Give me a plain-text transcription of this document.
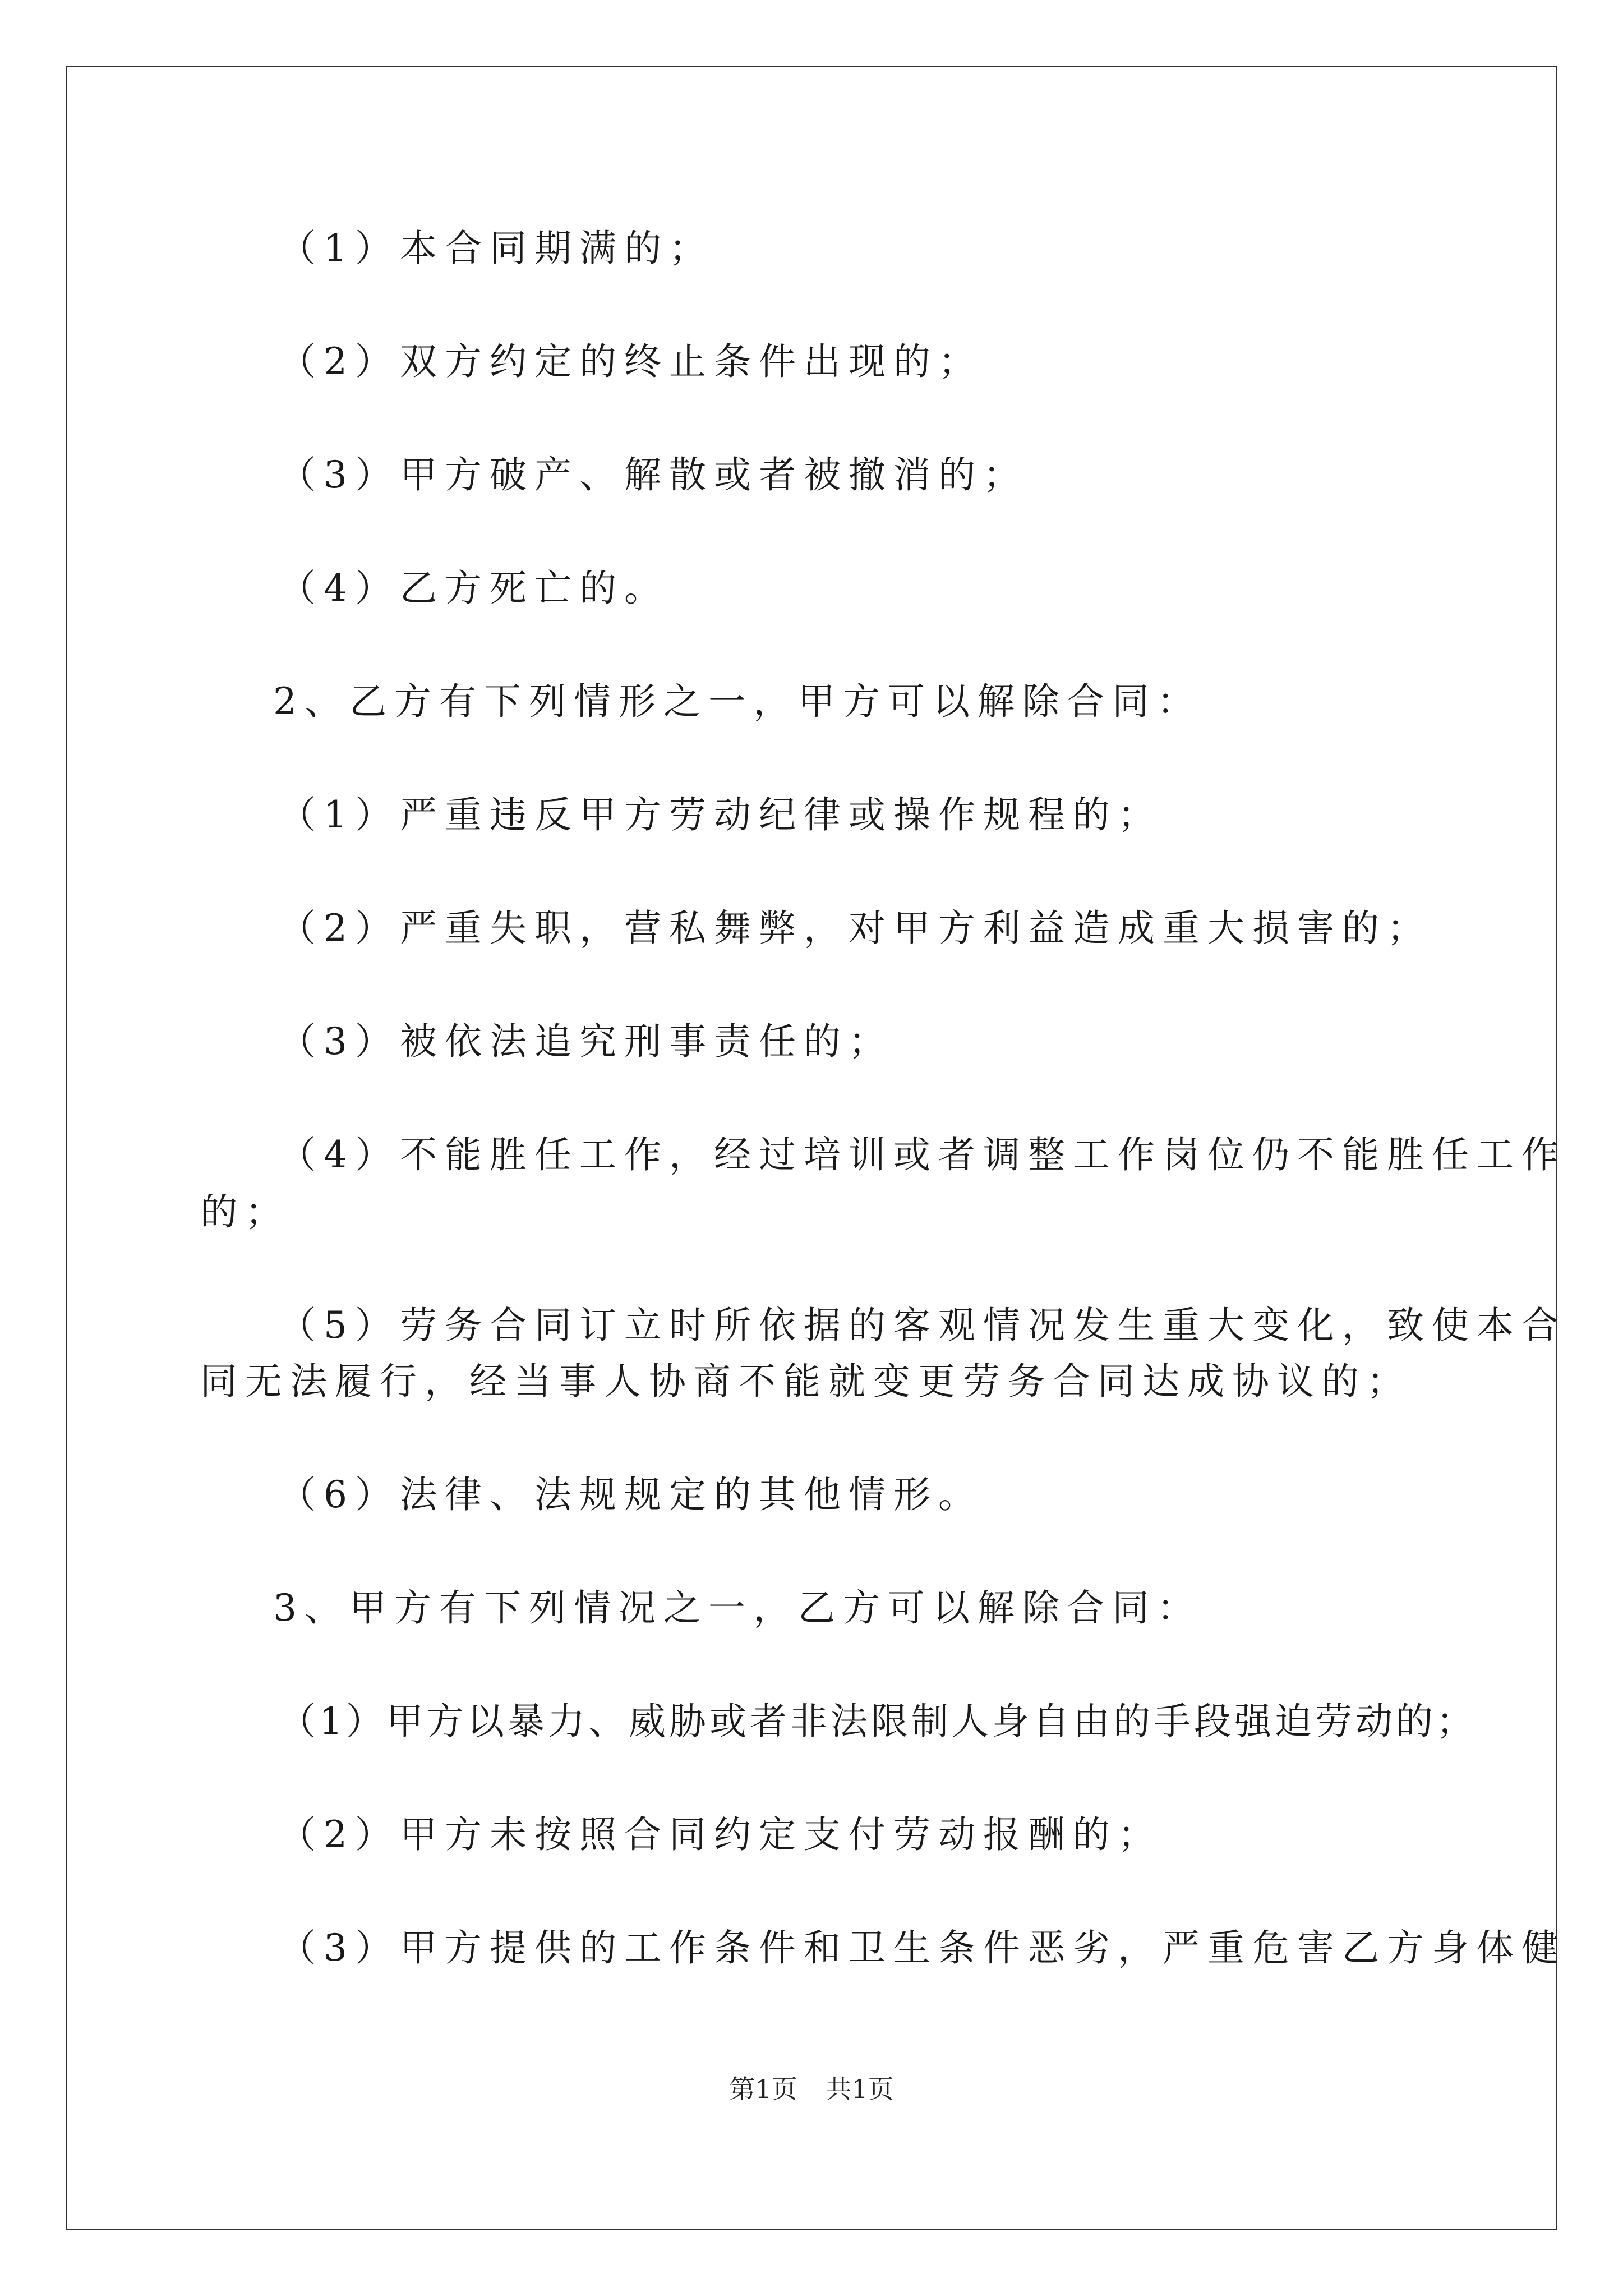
（1）本合同期满的；
（2）双方约定的终止条件出现的；
（3）甲方破产、解散或者被撤消的；
（4）乙方死亡的。
2、乙方有下列情形之一，甲方可以解除合同：
（1）严重违反甲方劳动纪律或操作规程的；
（2）严重失职，营私舞弊，对甲方利益造成重大损害的；
（3）被依法追究刑事责任的；
（4）不能胜任工作，经过培训或者调整工作岗位仍不能胜任工作
的；
（5）劳务合同订立时所依据的客观情况发生重大变化，致使本合
同无法履行，经当事人协商不能就变更劳务合同达成协议的；
（6）法律、法规规定的其他情形。
3、甲方有下列情况之一，乙方可以解除合同：
（1）甲方以暴力、威胁或者非法限制人身自由的手段强迫劳动的；
（2）甲方未按照合同约定支付劳动报酬的；
（3）甲方提供的工作条件和卫生条件恶劣，严重危害乙方身体健
第1页 共1页
